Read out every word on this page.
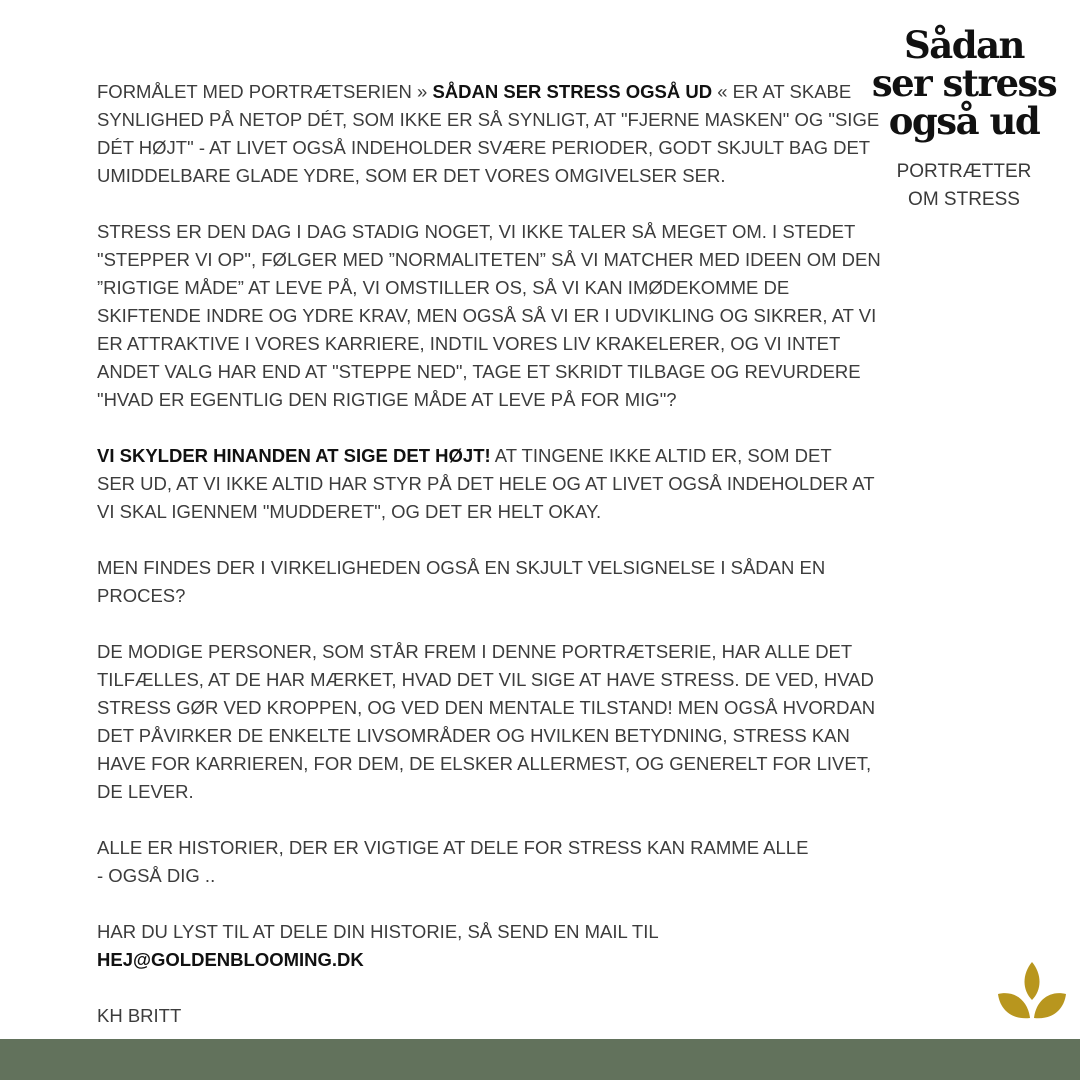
Sådan
ser stress
også ud
PORTRÆTTER
OM STRESS

FORMÅLET MED PORTRÆTSERIEN » SÅDAN SER STRESS OGSÅ UD « ER AT SKABE
SYNLIGHED PÅ NETOP DÉT, SOM IKKE ER SÅ SYNLIGT, AT "FJERNE MASKEN" OG "SIGE
DÉT HØJT" - AT LIVET OGSÅ INDEHOLDER SVÆRE PERIODER, GODT SKJULT BAG DET
UMIDDELBARE GLADE YDRE, SOM ER DET VORES OMGIVELSER SER.

STRESS ER DEN DAG I DAG STADIG NOGET, VI IKKE TALER SÅ MEGET OM. I STEDET
"STEPPER VI OP", FØLGER MED ”NORMALITETEN” SÅ VI MATCHER MED IDEEN OM DEN
”RIGTIGE MÅDE” AT LEVE PÅ, VI OMSTILLER OS, SÅ VI KAN IMØDEKOMME DE
SKIFTENDE INDRE OG YDRE KRAV, MEN OGSÅ SÅ VI ER I UDVIKLING OG SIKRER, AT VI
ER ATTRAKTIVE I VORES KARRIERE, INDTIL VORES LIV KRAKELERER, OG VI INTET
ANDET VALG HAR END AT "STEPPE NED", TAGE ET SKRIDT TILBAGE OG REVURDERE
"HVAD ER EGENTLIG DEN RIGTIGE MÅDE AT LEVE PÅ FOR MIG"?

VI SKYLDER HINANDEN AT SIGE DET HØJT! AT TINGENE IKKE ALTID ER, SOM DET
SER UD, AT VI IKKE ALTID HAR STYR PÅ DET HELE OG AT LIVET OGSÅ INDEHOLDER AT
VI SKAL IGENNEM "MUDDERET", OG DET ER HELT OKAY.

MEN FINDES DER I VIRKELIGHEDEN OGSÅ EN SKJULT VELSIGNELSE I SÅDAN EN
PROCES?

DE MODIGE PERSONER, SOM STÅR FREM I DENNE PORTRÆTSERIE, HAR ALLE DET
TILFÆLLES, AT DE HAR MÆRKET, HVAD DET VIL SIGE AT HAVE STRESS. DE VED, HVAD
STRESS GØR VED KROPPEN, OG VED DEN MENTALE TILSTAND! MEN OGSÅ HVORDAN
DET PÅVIRKER DE ENKELTE LIVSOMRÅDER OG HVILKEN BETYDNING, STRESS KAN
HAVE FOR KARRIEREN, FOR DEM, DE ELSKER ALLERMEST, OG GENERELT FOR LIVET,
DE LEVER.

ALLE ER HISTORIER, DER ER VIGTIGE AT DELE FOR STRESS KAN RAMME ALLE
- OGSÅ DIG ..

HAR DU LYST TIL AT DELE DIN HISTORIE, SÅ SEND EN MAIL TIL
HEJ@GOLDENBLOOMING.DK

KH BRITT
